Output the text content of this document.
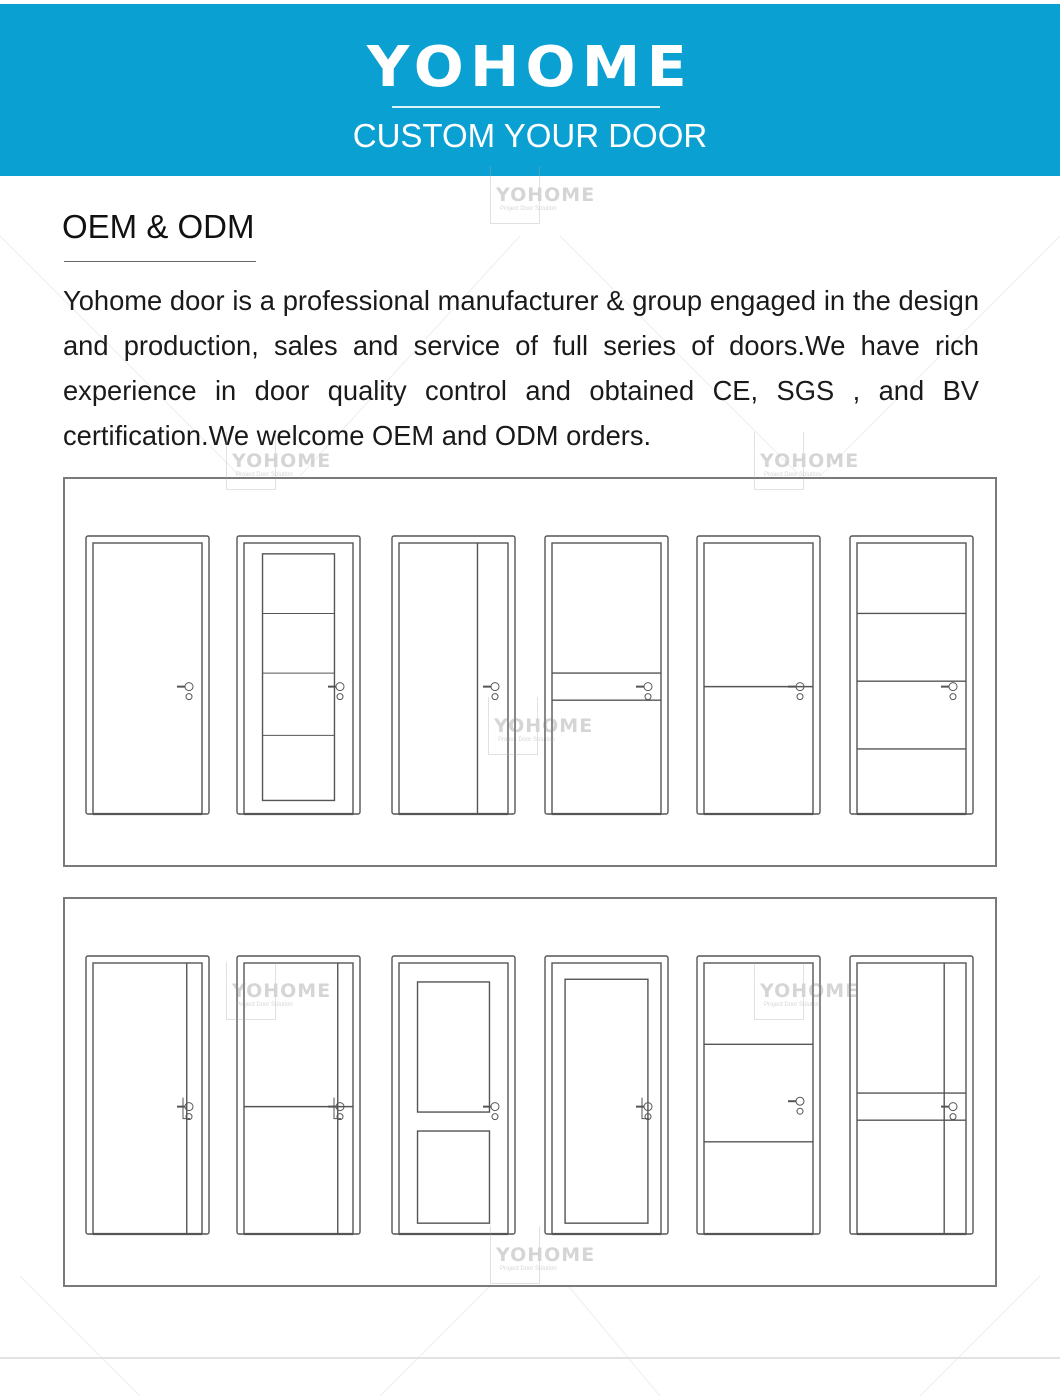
YOHOME
CUSTOM YOUR DOOR
OEM & ODM

Yohome door is a professional manufacturer & group engaged in the design and production, sales and service of full series of doors.We have rich experience in door quality control and obtained CE, SGS , and BV certification.We welcome OEM and ODM orders.

YOHOME
Project Door Solution
YOHOME
Project Door Solution
YOHOME
Project Door Solution
YOHOME
Project Door Solution
YOHOME
Project Door Solution
YOHOME
Project Door Solution
YOHOME
Project Door Solution
